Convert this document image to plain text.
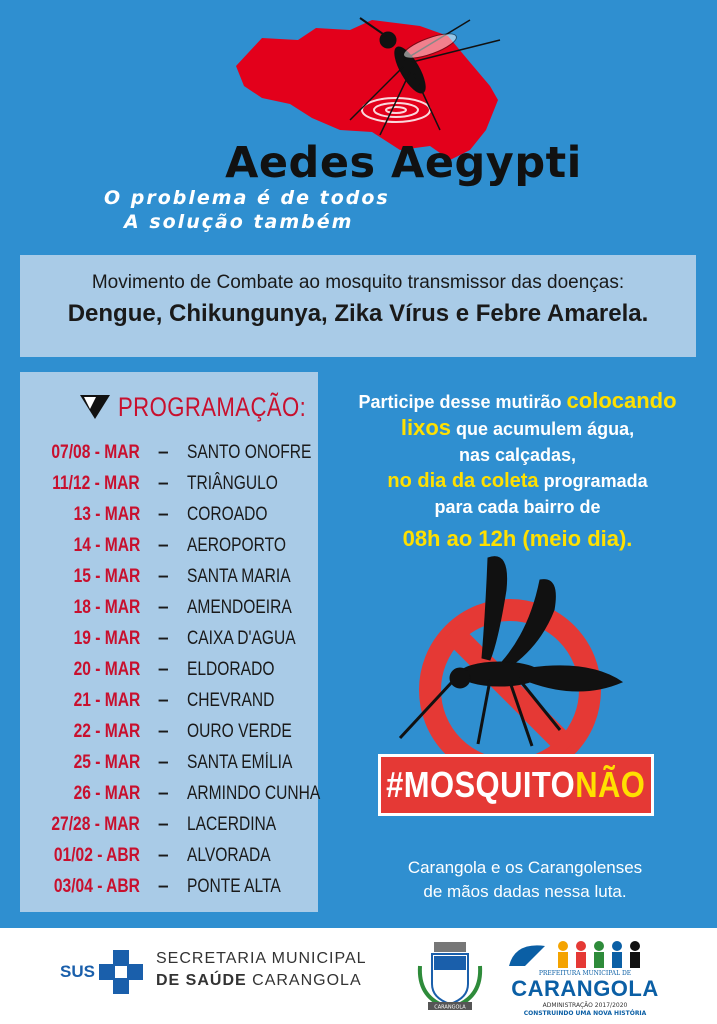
Aedes Aegypti
O problema é de todos
A solução também
Movimento de Combate ao mosquito transmissor das doenças:
Dengue, Chikungunya, Zika Vírus e Febre Amarela.
PROGRAMAÇÃO:
07/08 - MAR – SANTO ONOFRE
11/12 - MAR – TRIÂNGULO
13 - MAR – COROADO
14 - MAR – AEROPORTO
15 - MAR – SANTA MARIA
18 - MAR – AMENDOEIRA
19 - MAR – CAIXA D'AGUA
20 - MAR – ELDORADO
21 - MAR – CHEVRAND
22 - MAR – OURO VERDE
25 - MAR – SANTA EMÍLIA
26 - MAR – ARMINDO CUNHA
27/28 - MAR – LACERDINA
01/02 - ABR – ALVORADA
03/04 - ABR – PONTE ALTA
Participe desse mutirão colocando
lixos que acumulem água,
nas calçadas,
no dia da coleta programada
para cada bairro de
08h ao 12h (meio dia).
#MOSQUITONÃO
Carangola e os Carangolenses
de mãos dadas nessa luta.
SUS
SECRETARIA MUNICIPAL
DE SAÚDE CARANGOLA
CARANGOLA
PREFEITURA MUNICIPAL DE
CARANGOLA
ADMINISTRAÇÃO 2017/2020
CONSTRUINDO UMA NOVA HISTÓRIA
